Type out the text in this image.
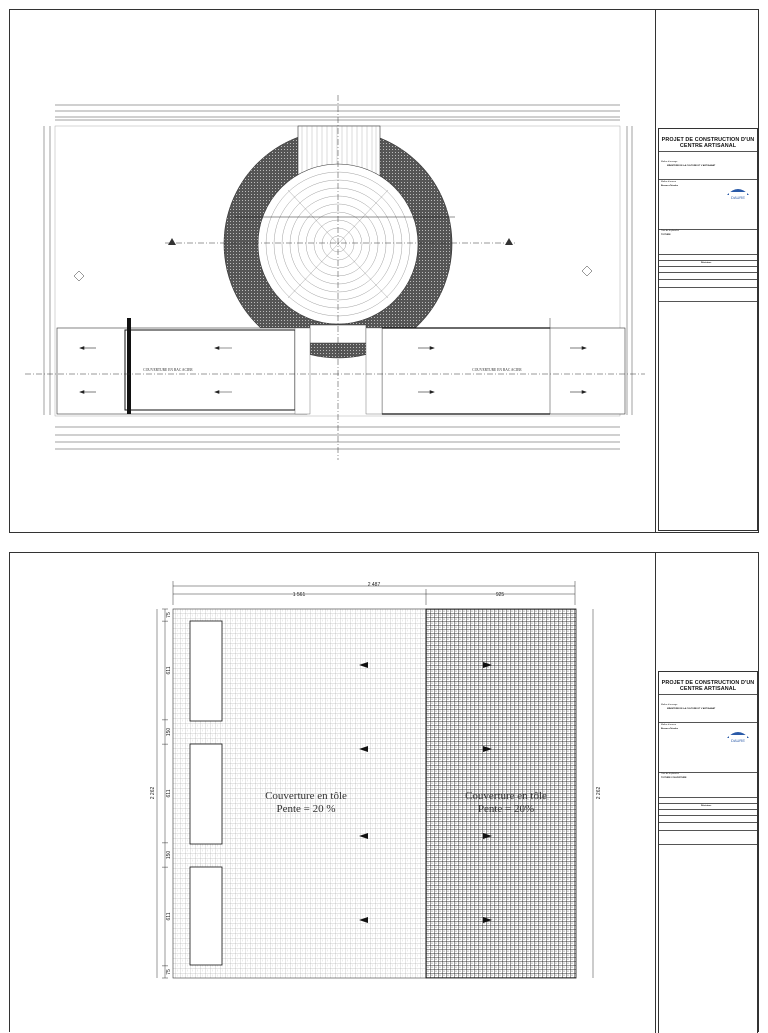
COUVERTURE EN BAC ACIER	COUVERTURE EN BAC ACIER
PROJET DE CONSTRUCTION D'UN CENTRE ARTISANAL
MINISTERE DE LA CULTURE ET L'ARTISANAT
Maître d'ouvrage
Maître d'oeuvre
Bureau d'études
DAURE
Titre de la planche
TOITURE
Révisions
2 487
1 561	925
2 262	2 262
75
611
150
611
150
611
75
Couverture en tôle
Pente = 20 %
Couverture en tôle
Pente = 20%
PROJET DE CONSTRUCTION D'UN CENTRE ARTISANAL
Maître d'ouvrage
MINISTERE DE LA CULTURE ET L'ARTISANAT
Maître d'oeuvre
Bureau d'études
DAURE
Titre de la planche
TOITURE COUVERTURE
Révisions
